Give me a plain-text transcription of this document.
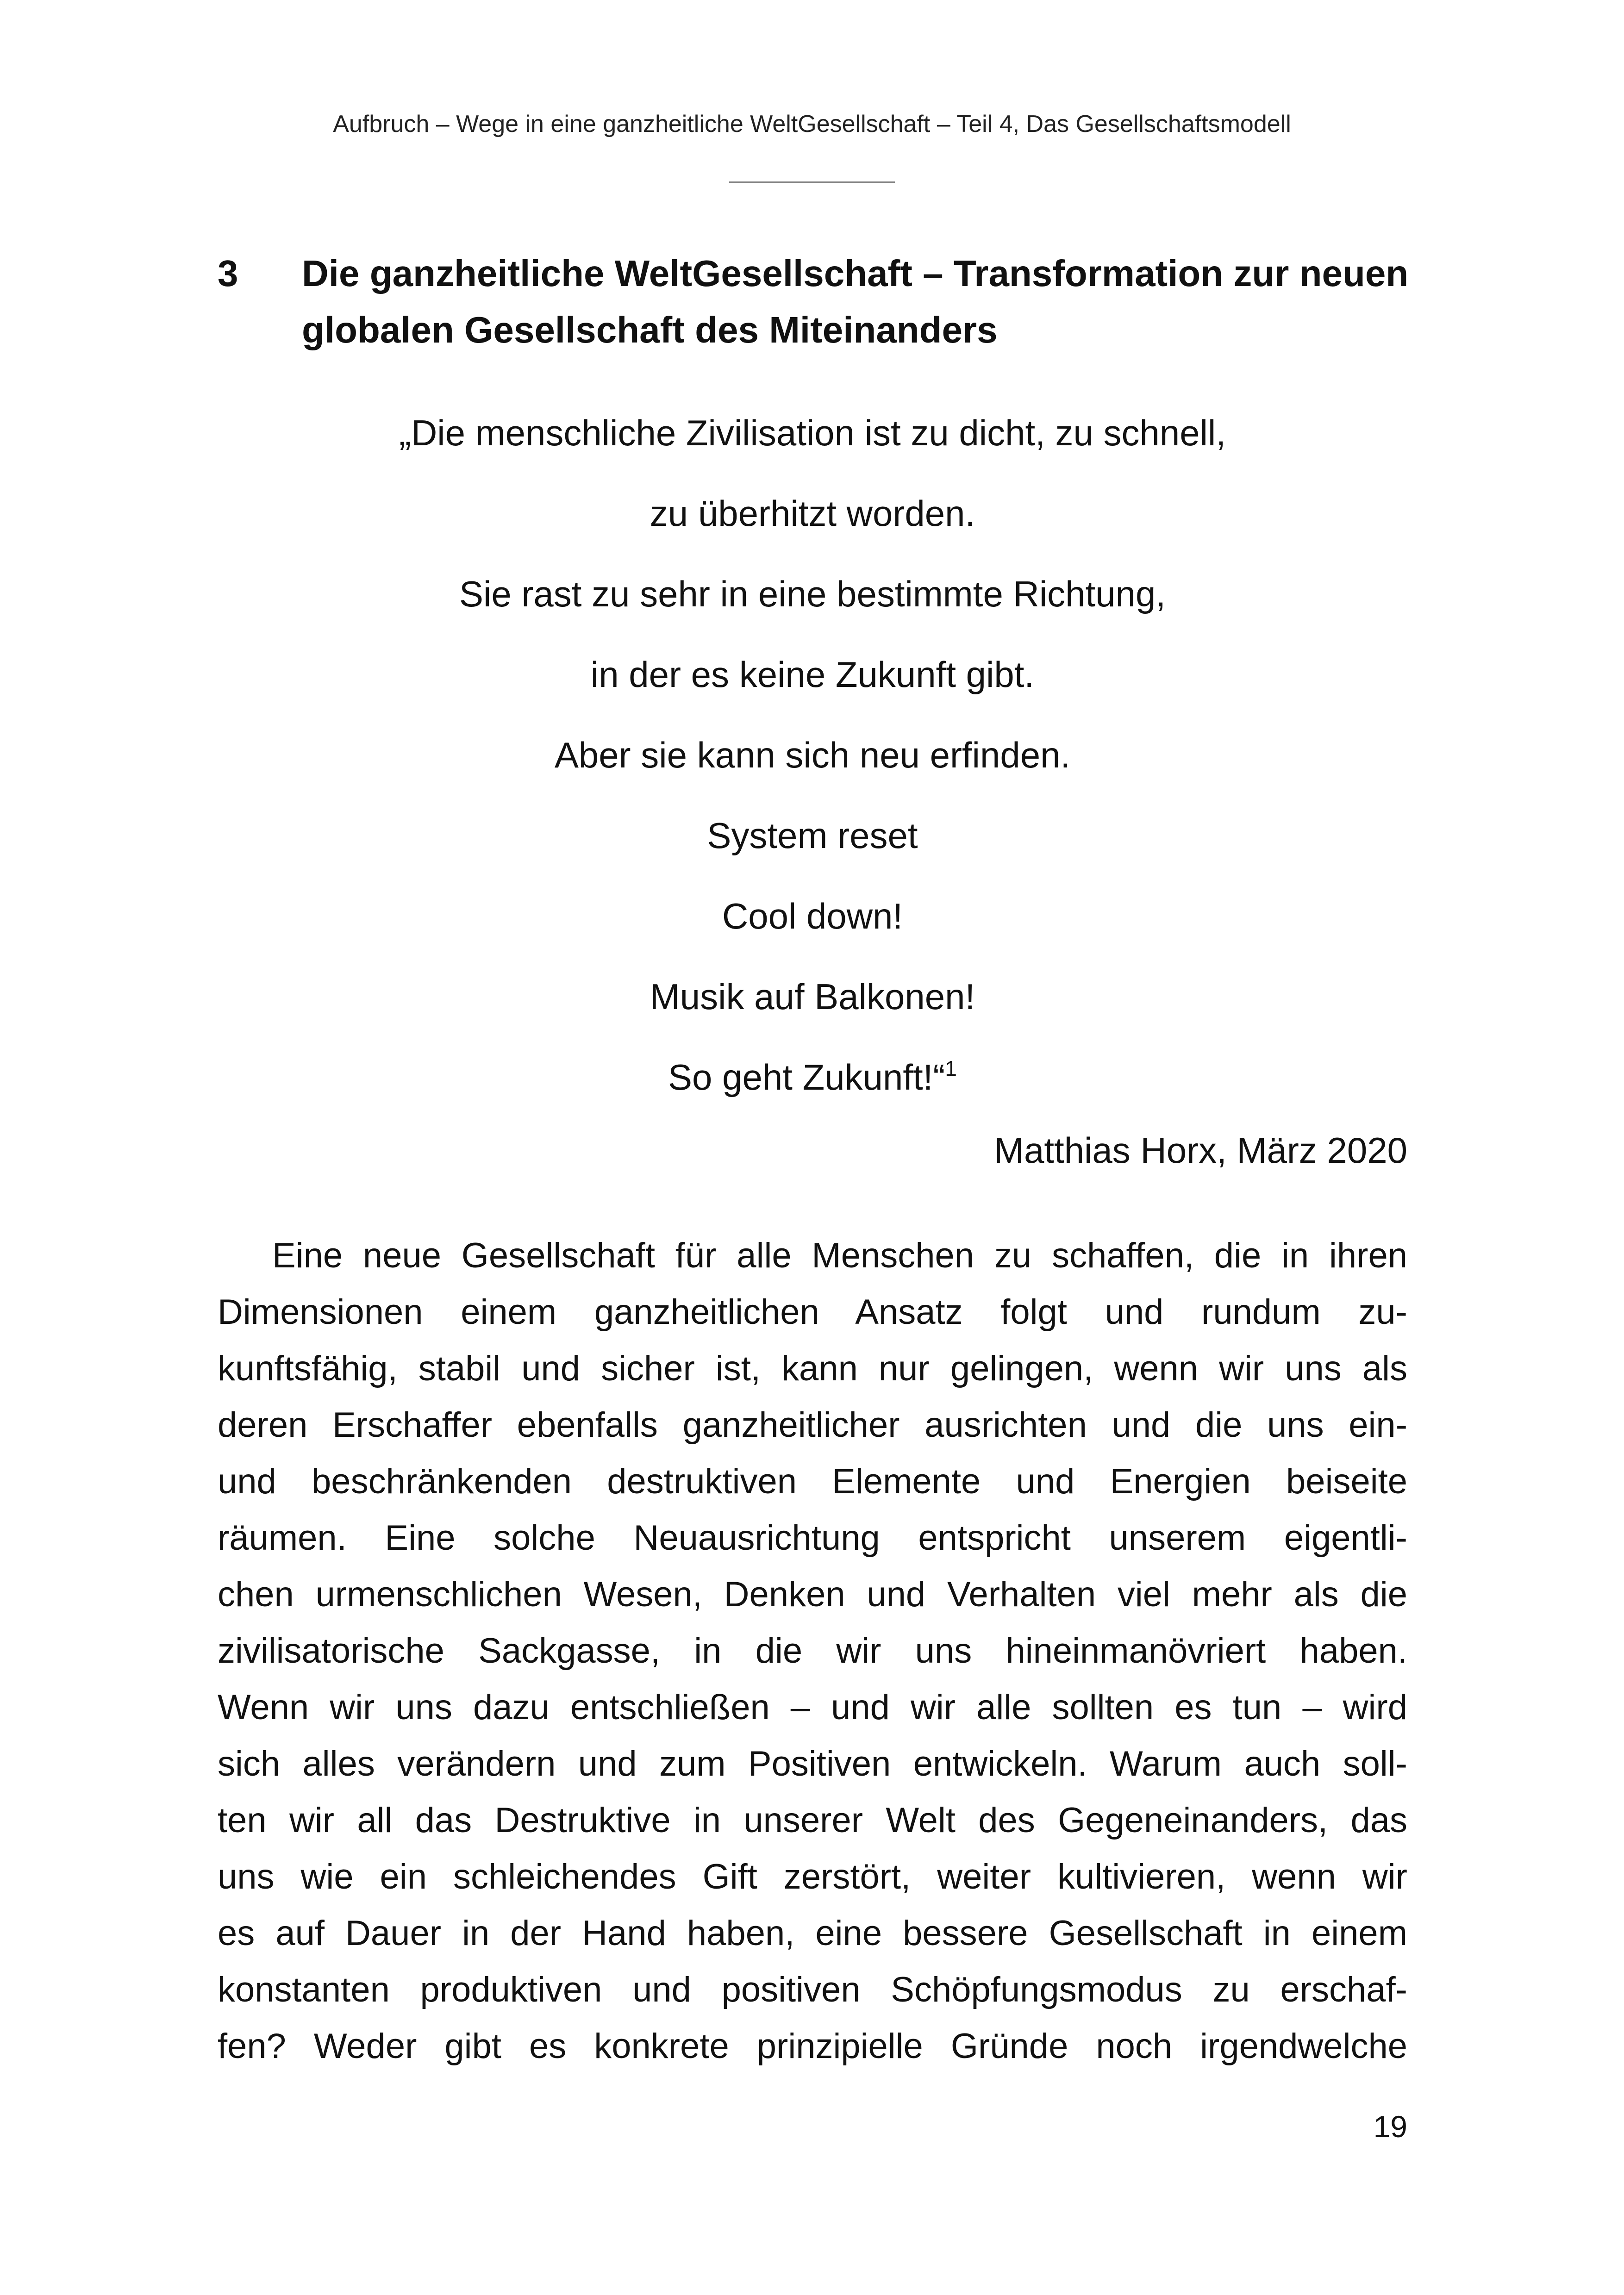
Aufbruch – Wege in eine ganzheitliche WeltGesellschaft – Teil 4, Das Gesellschaftsmodell
3 Die ganzheitliche WeltGesellschaft – Transformation zur neuen
globalen Gesellschaft des Miteinanders
„Die menschliche Zivilisation ist zu dicht, zu schnell,
zu überhitzt worden.
Sie rast zu sehr in eine bestimmte Richtung,
in der es keine Zukunft gibt.
Aber sie kann sich neu erfinden.
System reset
Cool down!
Musik auf Balkonen!
So geht Zukunft!“$^1$
Matthias Horx, März 2020
Eine neue Gesellschaft für alle Menschen zu schaffen, die in ihren
Dimensionen einem ganzheitlichen Ansatz folgt und rundum zu-
kunftsfähig, stabil und sicher ist, kann nur gelingen, wenn wir uns als
deren Erschaffer ebenfalls ganzheitlicher ausrichten und die uns ein-
und beschränkenden destruktiven Elemente und Energien beiseite
räumen. Eine solche Neuausrichtung entspricht unserem eigentli-
chen urmenschlichen Wesen, Denken und Verhalten viel mehr als die
zivilisatorische Sackgasse, in die wir uns hineinmanövriert haben.
Wenn wir uns dazu entschließen – und wir alle sollten es tun – wird
sich alles verändern und zum Positiven entwickeln. Warum auch soll-
ten wir all das Destruktive in unserer Welt des Gegeneinanders, das
uns wie ein schleichendes Gift zerstört, weiter kultivieren, wenn wir
es auf Dauer in der Hand haben, eine bessere Gesellschaft in einem
konstanten produktiven und positiven Schöpfungsmodus zu erschaf-
fen? Weder gibt es konkrete prinzipielle Gründe noch irgendwelche
19
